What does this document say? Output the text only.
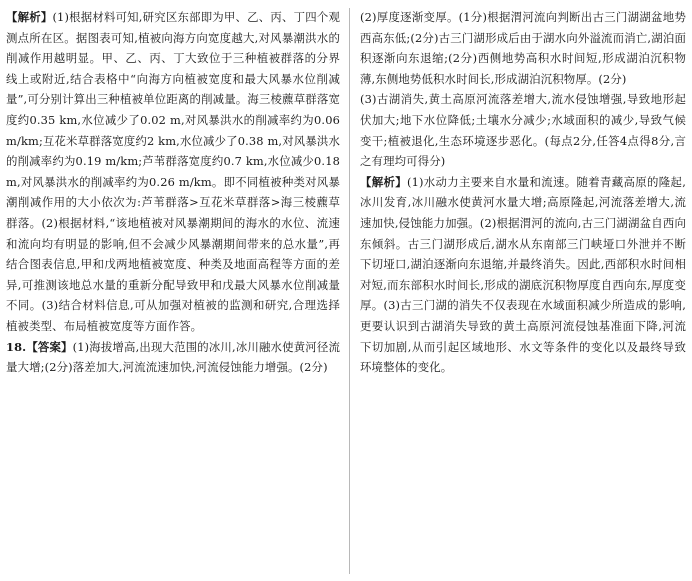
【解析】(1)根据材料可知,研究区东部即为甲、乙、丙、丁四个观测点所在区。据图表可知,植被向海方向宽度越大,对风暴潮洪水的削减作用越明显。甲、乙、丙、丁大致位于三种植被群落的分界线上或附近,结合表格中“向海方向植被宽度和最大风暴水位削减量”,可分别计算出三种植被单位距离的削减量。海三棱藨草群落宽度约0.35 km,水位减少了0.02 m,对风暴洪水的削减率约为0.06 m/km;互花米草群落宽度约2 km,水位减少了0.38 m,对风暴洪水的削减率约为0.19 m/km;芦苇群落宽度约0.7 km,水位减少0.18 m,对风暴洪水的削减率约为0.26 m/km。即不同植被种类对风暴潮削减作用的大小依次为:芦苇群落>互花米草群落>海三棱藨草群落。(2)根据材料,“该地植被对风暴潮期间的海水的水位、流速和流向均有明显的影响,但不会减少风暴潮期间带来的总水量”,再结合图表信息,甲和戊两地植被宽度、种类及地面高程等方面的差异,可推测该地总水量的重新分配导致甲和戊最大风暴水位削减量不同。(3)结合材料信息,可从加强对植被的监测和研究,合理选择植被类型、布局植被宽度等方面作答。

18.【答案】(1)海拔增高,出现大范围的冰川,冰川融水使黄河径流量大增;(2分)落差加大,河流流速加快,河流侵蚀能力增强。(2分)

(2)厚度逐渐变厚。(1分)根据渭河流向判断出古三门湖湖盆地势西高东低;(2分)古三门湖形成后由于湖水向外溢流而消亡,湖泊面积逐渐向东退缩;(2分)西侧地势高积水时间短,形成湖泊沉积物薄,东侧地势低积水时间长,形成湖泊沉积物厚。(2分)

(3)古湖消失,黄土高原河流落差增大,流水侵蚀增强,导致地形起伏加大;地下水位降低;土壤水分减少;水域面积的减少,导致气候变干;植被退化,生态环境逐步恶化。(每点2分,任答4点得8分,言之有理均可得分)

【解析】(1)水动力主要来自水量和流速。随着青藏高原的隆起,冰川发育,冰川融水使黄河水量大增;高原隆起,河流落差增大,流速加快,侵蚀能力加强。(2)根据渭河的流向,古三门湖湖盆自西向东倾斜。古三门湖形成后,湖水从东南部三门峡垭口外泄并不断下切垭口,湖泊逐渐向东退缩,并最终消失。因此,西部积水时间相对短,而东部积水时间长,形成的湖底沉积物厚度自西向东,厚度变厚。(3)古三门湖的消失不仅表现在水域面积减少所造成的影响,更要认识到古湖消失导致的黄土高原河流侵蚀基准面下降,河流下切加剧,从而引起区域地形、水文等条件的变化以及最终导致环境整体的变化。
